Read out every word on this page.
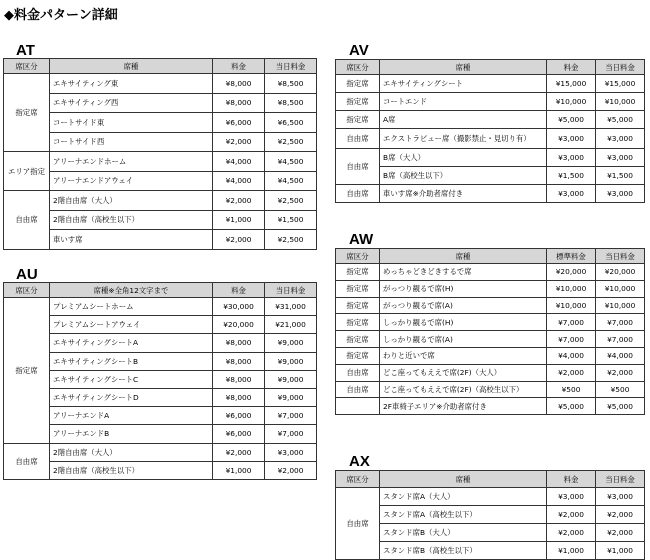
◆料金パターン詳細
AT
席区分	席種	料金	当日料金
指定席	エキサイティング東	¥8,000	¥8,500
	エキサイティング西	¥8,000	¥8,500
	コートサイド東	¥6,000	¥6,500
	コートサイド西	¥2,000	¥2,500
エリア指定	アリーナエンドホーム	¥4,000	¥4,500
	アリーナエンドアウェイ	¥4,000	¥4,500
自由席	2階自由席（大人）	¥2,000	¥2,500
	2階自由席（高校生以下）	¥1,000	¥1,500
	車いす席	¥2,000	¥2,500
AU
席区分	席種※全角12文字まで	料金	当日料金
指定席	プレミアムシートホーム	¥30,000	¥31,000
	プレミアムシートアウェイ	¥20,000	¥21,000
	エキサイティングシートA	¥8,000	¥9,000
	エキサイティングシートB	¥8,000	¥9,000
	エキサイティングシートC	¥8,000	¥9,000
	エキサイティングシートD	¥8,000	¥9,000
	アリーナエンドA	¥6,000	¥7,000
	アリーナエンドB	¥6,000	¥7,000
自由席	2階自由席（大人）	¥2,000	¥3,000
	2階自由席（高校生以下）	¥1,000	¥2,000
AV
席区分	席種	料金	当日料金
指定席	エキサイティングシート	¥15,000	¥15,000
指定席	コートエンド	¥10,000	¥10,000
指定席	A席	¥5,000	¥5,000
自由席	エクストラビュー席（撮影禁止・見切り有）	¥3,000	¥3,000
自由席	B席（大人）	¥3,000	¥3,000
	B席（高校生以下）	¥1,500	¥1,500
自由席	車いす席※介助者席付き	¥3,000	¥3,000
AW
席区分	席種	標準料金	当日料金
指定席	めっちゃどきどきするで席	¥20,000	¥20,000
指定席	がっつり観るで席(H)	¥10,000	¥10,000
指定席	がっつり観るで席(A)	¥10,000	¥10,000
指定席	しっかり観るで席(H)	¥7,000	¥7,000
指定席	しっかり観るで席(A)	¥7,000	¥7,000
指定席	わりと近いで席	¥4,000	¥4,000
自由席	どこ座ってもええで席(2F)（大人）	¥2,000	¥2,000
自由席	どこ座ってもええで席(2F)（高校生以下）	¥500	¥500
	2F車椅子エリア※介助者席付き	¥5,000	¥5,000
AX
席区分	席種	料金	当日料金
自由席	スタンド席A（大人）	¥3,000	¥3,000
	スタンド席A（高校生以下）	¥2,000	¥2,000
	スタンド席B（大人）	¥2,000	¥2,000
	スタンド席B（高校生以下）	¥1,000	¥1,000
